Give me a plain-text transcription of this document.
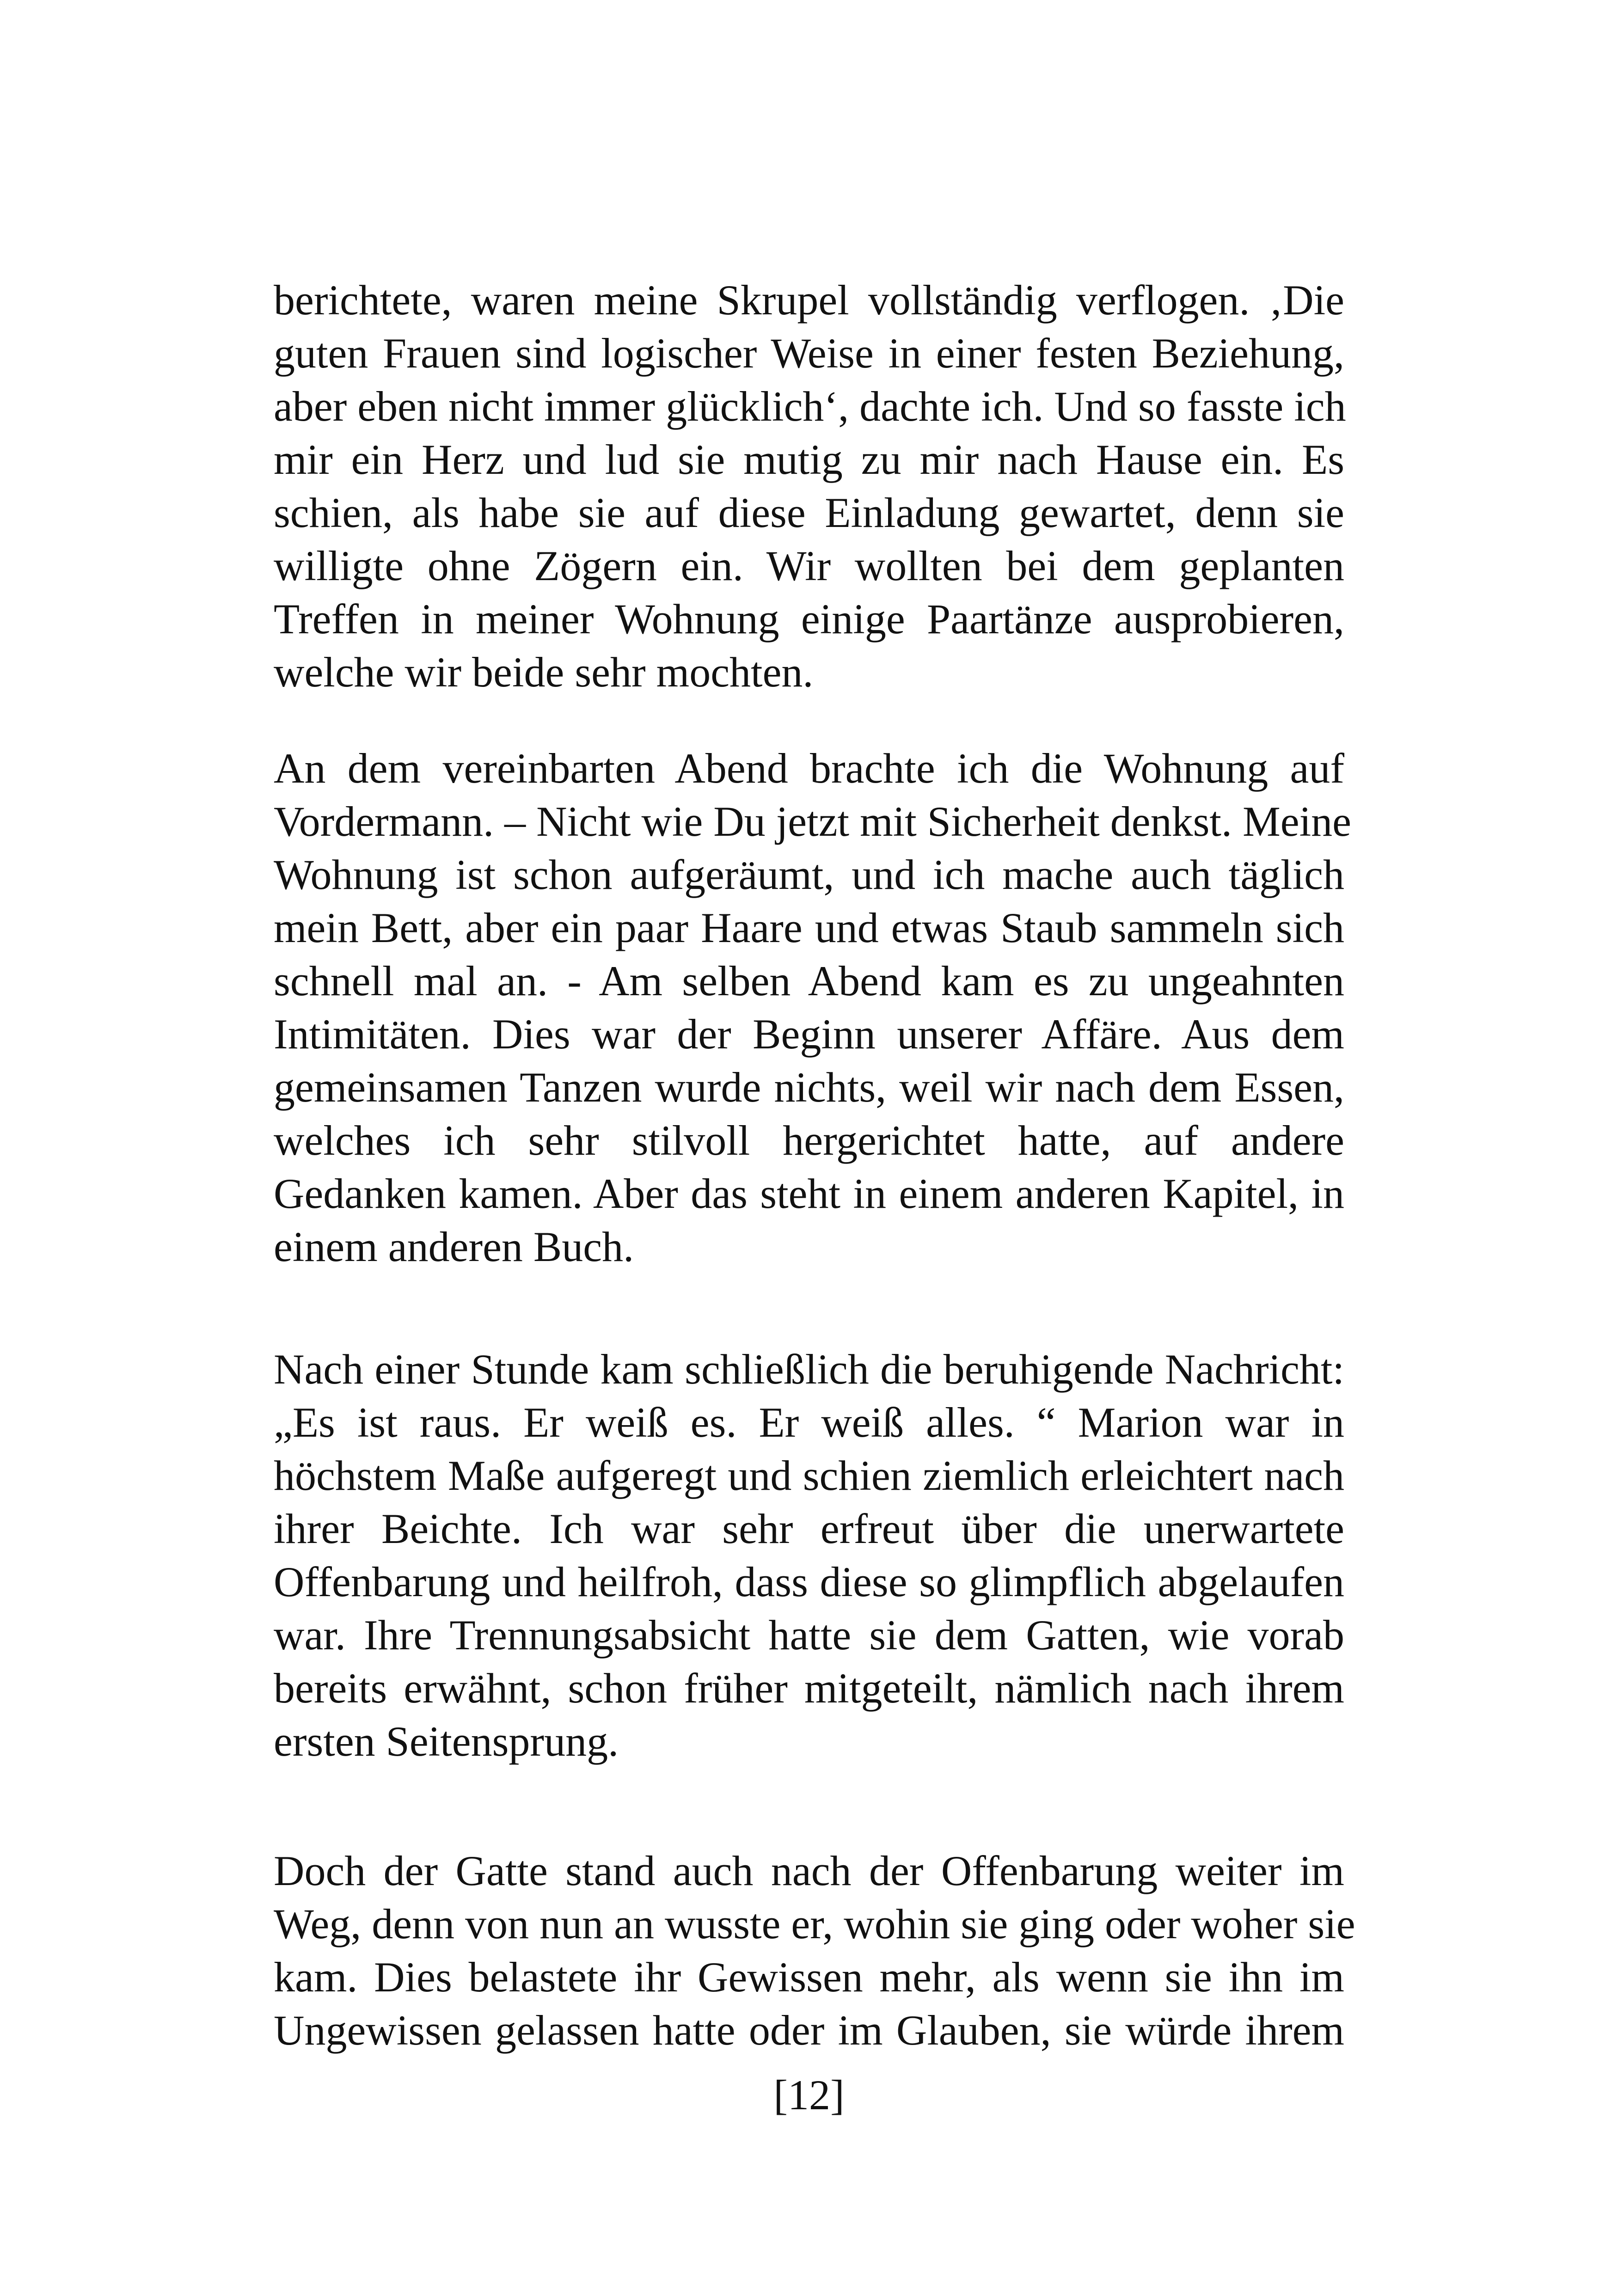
berichtete, waren meine Skrupel vollständig verflogen. ‚Die
guten Frauen sind logischer Weise in einer festen Beziehung,
aber eben nicht immer glücklich‘, dachte ich. Und so fasste ich
mir ein Herz und lud sie mutig zu mir nach Hause ein. Es
schien, als habe sie auf diese Einladung gewartet, denn sie
willigte ohne Zögern ein. Wir wollten bei dem geplanten
Treffen in meiner Wohnung einige Paartänze ausprobieren,
welche wir beide sehr mochten.
An dem vereinbarten Abend brachte ich die Wohnung auf
Vordermann. – Nicht wie Du jetzt mit Sicherheit denkst. Meine
Wohnung ist schon aufgeräumt, und ich mache auch täglich
mein Bett, aber ein paar Haare und etwas Staub sammeln sich
schnell mal an. - Am selben Abend kam es zu ungeahnten
Intimitäten. Dies war der Beginn unserer Affäre. Aus dem
gemeinsamen Tanzen wurde nichts, weil wir nach dem Essen,
welches ich sehr stilvoll hergerichtet hatte, auf andere
Gedanken kamen. Aber das steht in einem anderen Kapitel, in
einem anderen Buch.
Nach einer Stunde kam schließlich die beruhigende Nachricht:
„Es ist raus. Er weiß es. Er weiß alles. “ Marion war in
höchstem Maße aufgeregt und schien ziemlich erleichtert nach
ihrer Beichte. Ich war sehr erfreut über die unerwartete
Offenbarung und heilfroh, dass diese so glimpflich abgelaufen
war. Ihre Trennungsabsicht hatte sie dem Gatten, wie vorab
bereits erwähnt, schon früher mitgeteilt, nämlich nach ihrem
ersten Seitensprung.
Doch der Gatte stand auch nach der Offenbarung weiter im
Weg, denn von nun an wusste er, wohin sie ging oder woher sie
kam. Dies belastete ihr Gewissen mehr, als wenn sie ihn im
Ungewissen gelassen hatte oder im Glauben, sie würde ihrem

[12]
